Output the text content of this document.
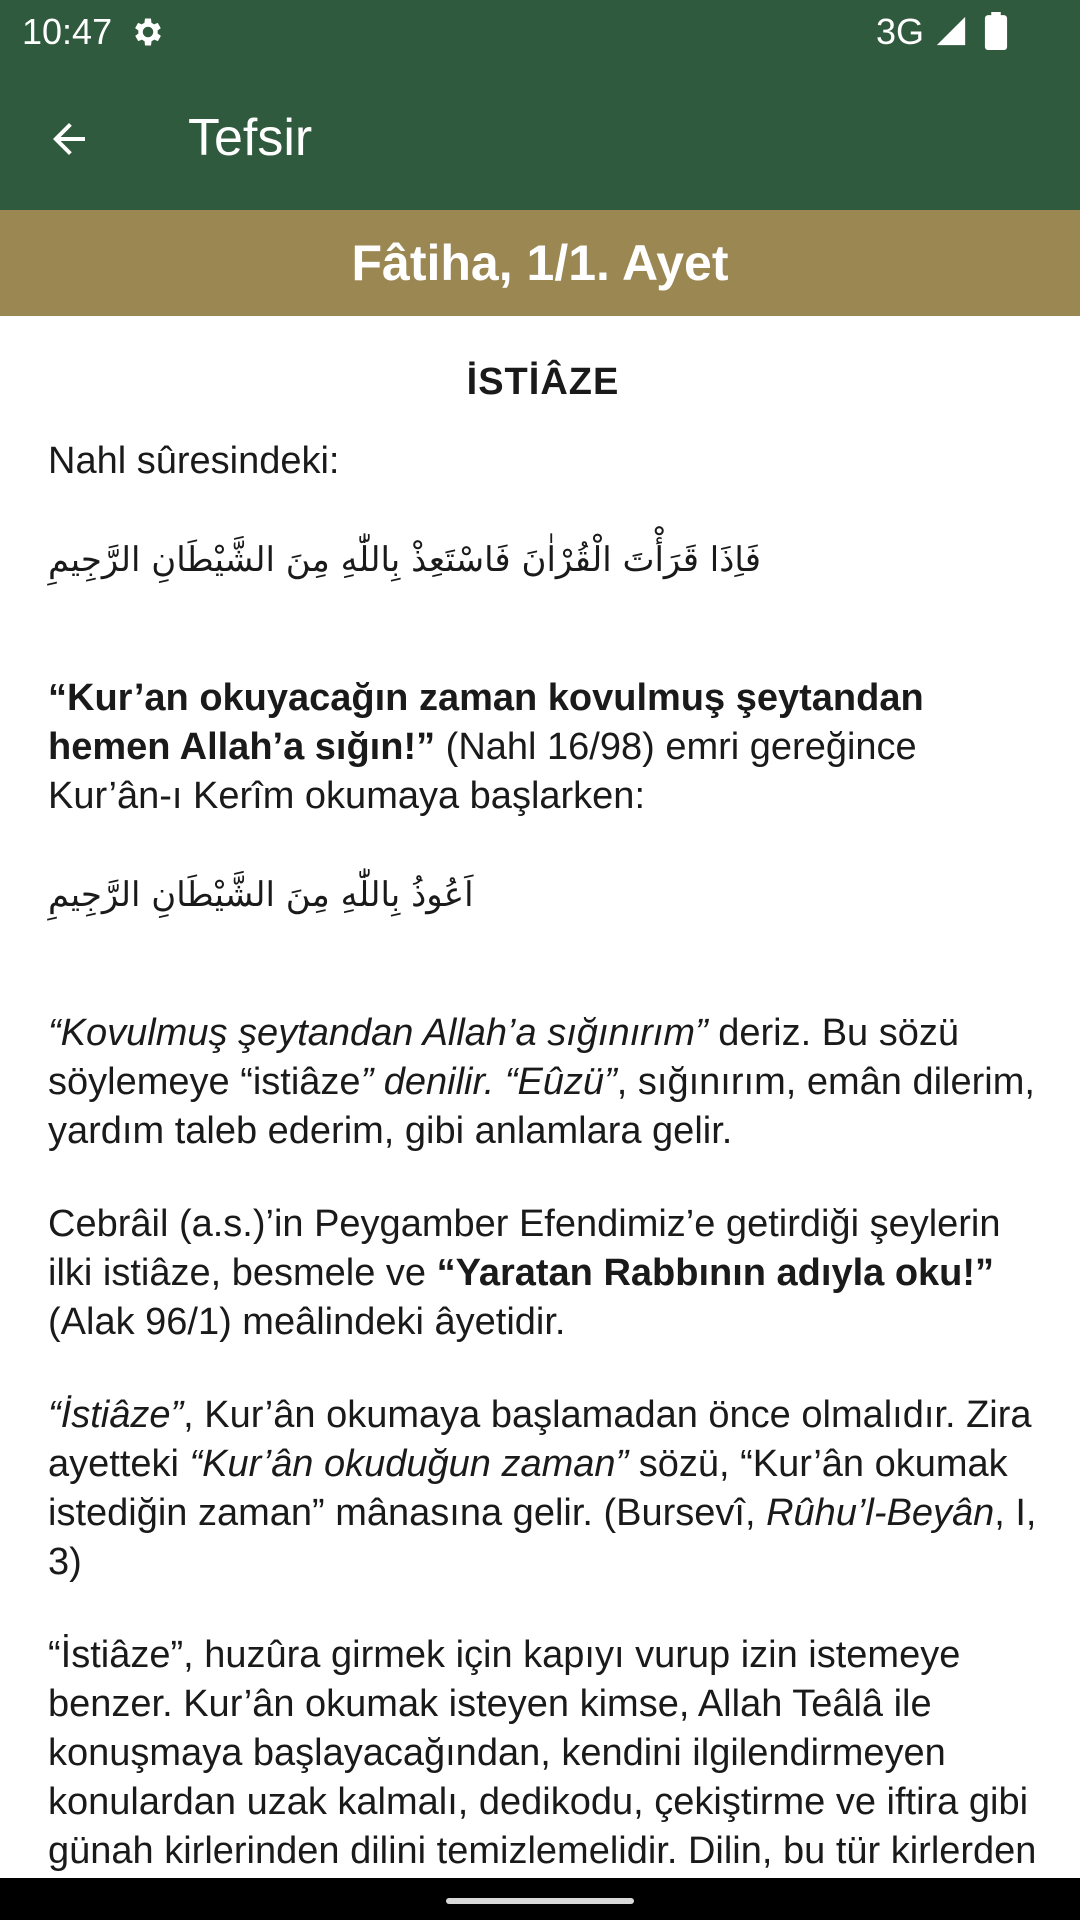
10:47	3G
Tefsir
Fâtiha, 1/1. Ayet
İSTİÂZE
Nahl sûresindeki:
فَاِذَا قَرَأْتَ الْقُرْاٰنَ فَاسْتَعِذْ بِاللّٰهِ مِنَ الشَّيْطَانِ الرَّجِيمِ
“Kur’an okuyacağın zaman kovulmuş şeytandan hemen Allah’a sığın!” (Nahl 16/98) emri gereğince Kur’ân-ı Kerîm okumaya başlarken:
اَعُوذُ بِاللّٰهِ مِنَ الشَّيْطَانِ الرَّجِيمِ
“Kovulmuş şeytandan Allah’a sığınırım” deriz. Bu sözü söylemeye “istiâze” denilir. “Eûzü”, sığınırım, emân dilerim, yardım taleb ederim, gibi anlamlara gelir.
Cebrâil (a.s.)’in Peygamber Efendimiz’e getirdiği şeylerin ilki istiâze, besmele ve “Yaratan Rabbının adıyla oku!” (Alak 96/1) meâlindeki âyetidir.
“İstiâze”, Kur’ân okumaya başlamadan önce olmalıdır. Zira ayetteki “Kur’ân okuduğun zaman” sözü, “Kur’ân okumak istediğin zaman” mânasına gelir. (Bursevî, Rûhu’l-Beyân, I, 3)
“İstiâze”, huzûra girmek için kapıyı vurup izin istemeye benzer. Kur’ân okumak isteyen kimse, Allah Teâlâ ile konuşmaya başlayacağından, kendini ilgilendirmeyen konulardan uzak kalmalı, dedikodu, çekiştirme ve iftira gibi günah kirlerinden dilini temizlemelidir. Dilin, bu tür kirlerden
